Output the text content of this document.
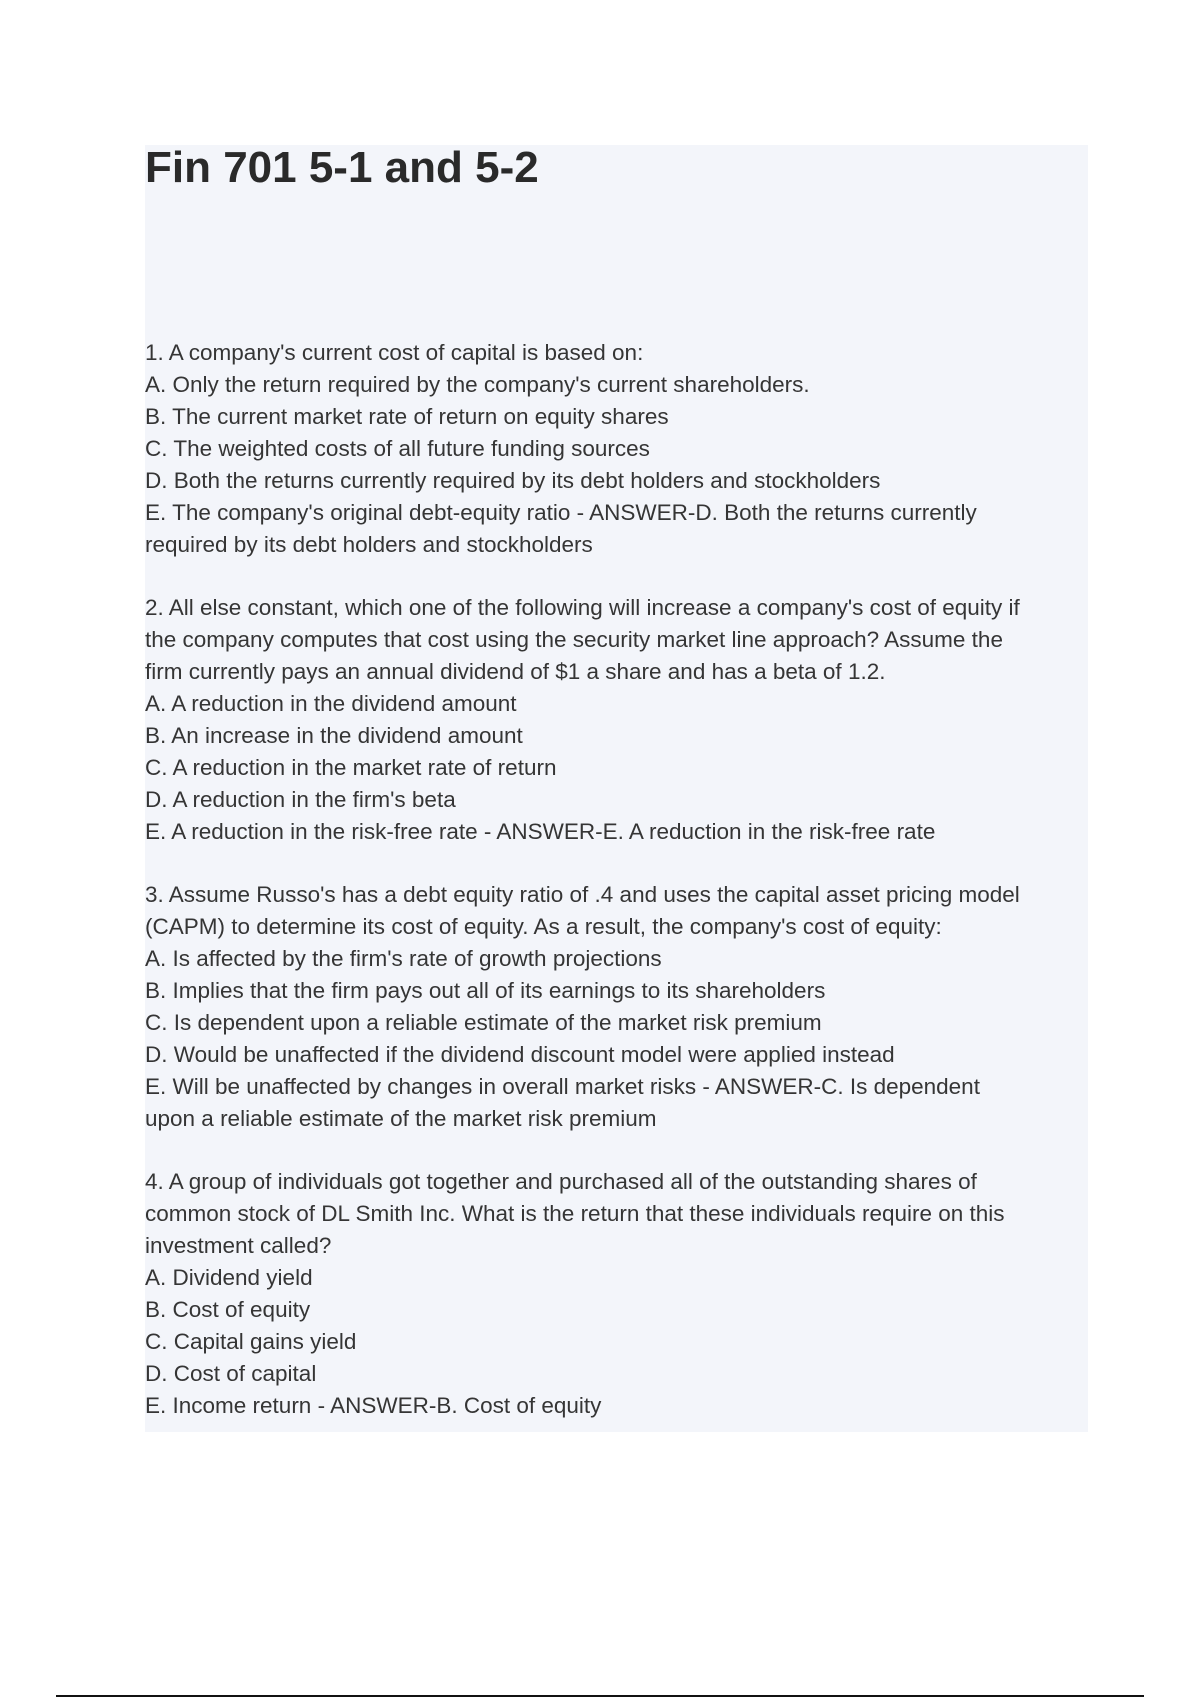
Fin 701 5-1 and 5-2
1. A company's current cost of capital is based on:
A. Only the return required by the company's current shareholders.
B. The current market rate of return on equity shares
C. The weighted costs of all future funding sources
D. Both the returns currently required by its debt holders and stockholders
E. The company's original debt-equity ratio - ANSWER-D. Both the returns currently
required by its debt holders and stockholders
2. All else constant, which one of the following will increase a company's cost of equity if
the company computes that cost using the security market line approach? Assume the
firm currently pays an annual dividend of $1 a share and has a beta of 1.2.
A. A reduction in the dividend amount
B. An increase in the dividend amount
C. A reduction in the market rate of return
D. A reduction in the firm's beta
E. A reduction in the risk-free rate - ANSWER-E. A reduction in the risk-free rate
3. Assume Russo's has a debt equity ratio of .4 and uses the capital asset pricing model
(CAPM) to determine its cost of equity. As a result, the company's cost of equity:
A. Is affected by the firm's rate of growth projections
B. Implies that the firm pays out all of its earnings to its shareholders
C. Is dependent upon a reliable estimate of the market risk premium
D. Would be unaffected if the dividend discount model were applied instead
E. Will be unaffected by changes in overall market risks - ANSWER-C. Is dependent
upon a reliable estimate of the market risk premium
4. A group of individuals got together and purchased all of the outstanding shares of
common stock of DL Smith Inc. What is the return that these individuals require on this
investment called?
A. Dividend yield
B. Cost of equity
C. Capital gains yield
D. Cost of capital
E. Income return - ANSWER-B. Cost of equity
